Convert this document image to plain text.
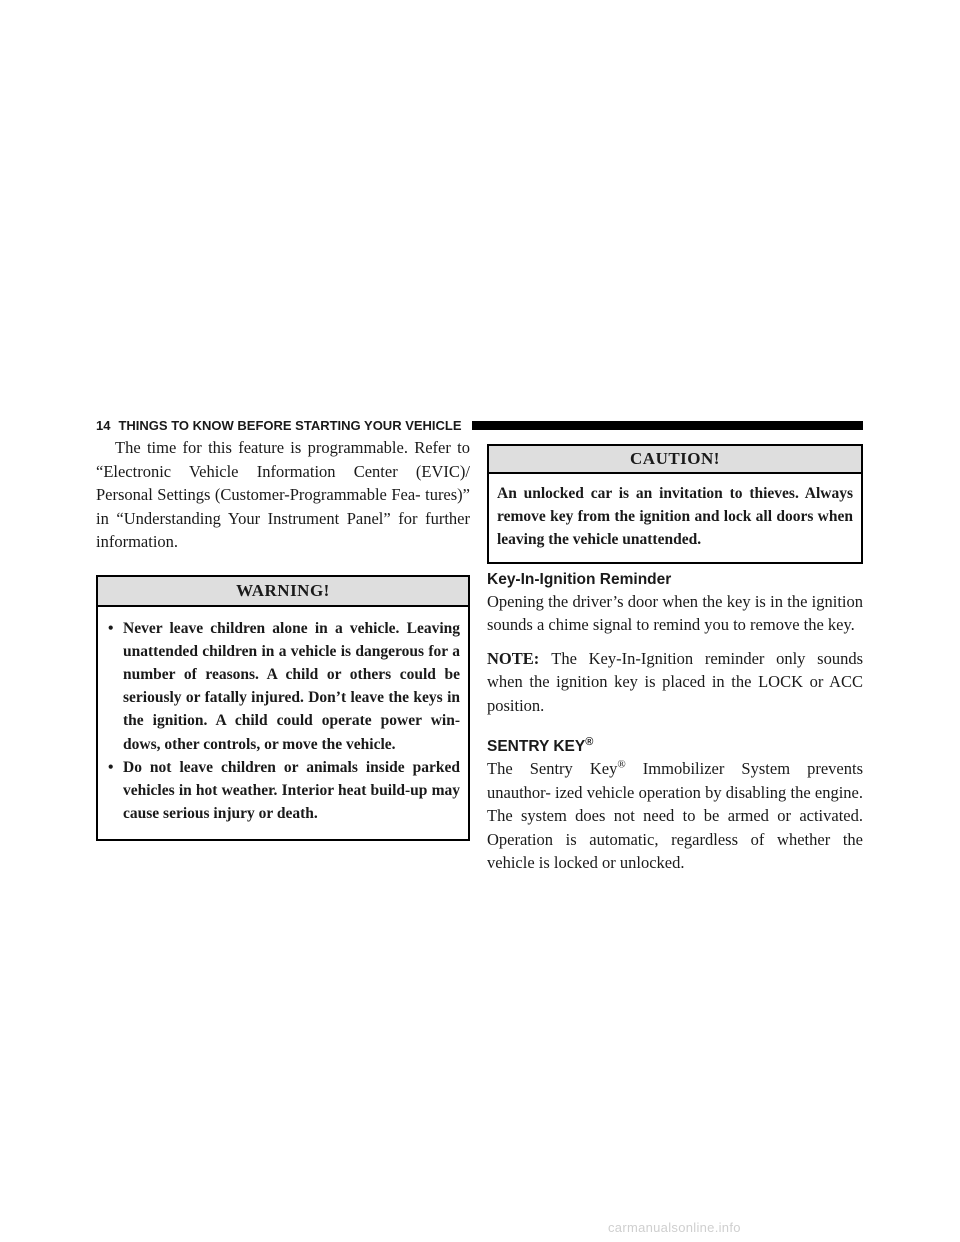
14 THINGS TO KNOW BEFORE STARTING YOUR VEHICLE

The time for this feature is programmable. Refer to “Electronic Vehicle Information Center (EVIC)/ Personal Settings (Customer-Programmable Fea- tures)” in “Understanding Your Instrument Panel” for further information.

WARNING!
• Never leave children alone in a vehicle. Leaving unattended children in a vehicle is dangerous for a number of reasons. A child or others could be seriously or fatally injured. Don’t leave the keys in the ignition. A child could operate power win- dows, other controls, or move the vehicle.
• Do not leave children or animals inside parked vehicles in hot weather. Interior heat build-up may cause serious injury or death.
CAUTION!
An unlocked car is an invitation to thieves. Always remove key from the ignition and lock all doors when leaving the vehicle unattended.
Key-In-Ignition Reminder

Opening the driver’s door when the key is in the ignition sounds a chime signal to remind you to remove the key.

NOTE: The Key-In-Ignition reminder only sounds when the ignition key is placed in the LOCK or ACC position.

SENTRY KEY®

The Sentry Key® Immobilizer System prevents unauthor- ized vehicle operation by disabling the engine. The system does not need to be armed or activated. Operation is automatic, regardless of whether the vehicle is locked or unlocked.

carmanualsonline.info
